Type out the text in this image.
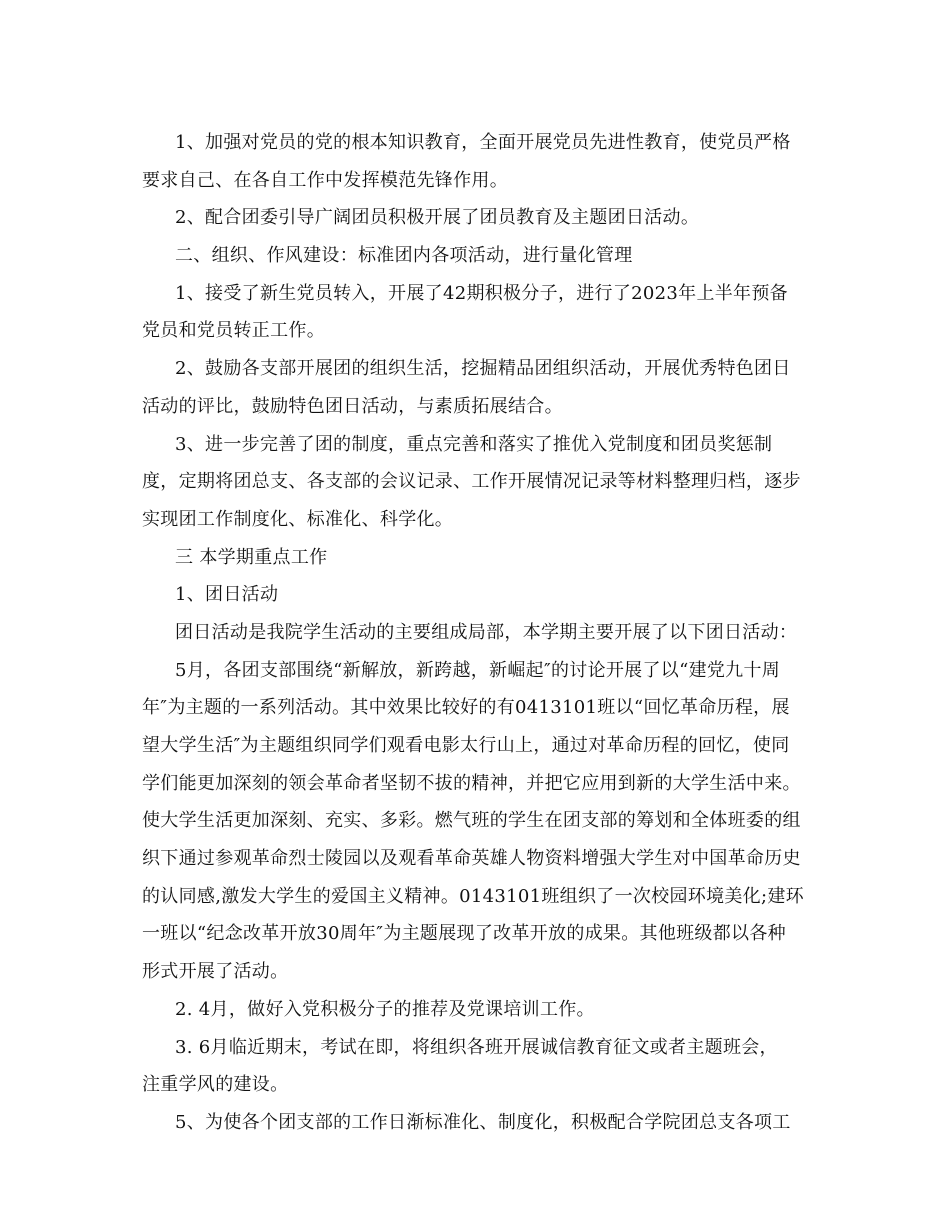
1、加强对党员的党的根本知识教育，全面开展党员先进性教育，使党员严格
要求自己、在各自工作中发挥模范先锋作用。
2、配合团委引导广阔团员积极开展了团员教育及主题团日活动。
二、组织、作风建设：标准团内各项活动，进行量化管理
1、接受了新生党员转入，开展了42期积极分子，进行了2023年上半年预备
党员和党员转正工作。
2、鼓励各支部开展团的组织生活，挖掘精品团组织活动，开展优秀特色团日
活动的评比，鼓励特色团日活动，与素质拓展结合。
3、进一步完善了团的制度，重点完善和落实了推优入党制度和团员奖惩制
度，定期将团总支、各支部的会议记录、工作开展情况记录等材料整理归档，逐步
实现团工作制度化、标准化、科学化。
三 本学期重点工作
1、团日活动
团日活动是我院学生活动的主要组成局部，本学期主要开展了以下团日活动：
5月，各团支部围绕“新解放，新跨越，新崛起″的讨论开展了以“建党九十周
年″为主题的一系列活动。其中效果比较好的有0413101班以“回忆革命历程，展
望大学生活″为主题组织同学们观看电影太行山上，通过对革命历程的回忆，使同
学们能更加深刻的领会革命者坚韧不拔的精神，并把它应用到新的大学生活中来。
使大学生活更加深刻、充实、多彩。燃气班的学生在团支部的筹划和全体班委的组
织下通过参观革命烈士陵园以及观看革命英雄人物资料增强大学生对中国革命历史
的认同感,激发大学生的爱国主义精神。0143101班组织了一次校园环境美化;建环
一班以“纪念改革开放30周年″为主题展现了改革开放的成果。其他班级都以各种
形式开展了活动。
2. 4月，做好入党积极分子的推荐及党课培训工作。
3. 6月临近期末，考试在即，将组织各班开展诚信教育征文或者主题班会，
注重学风的建设。
5、为使各个团支部的工作日渐标准化、制度化，积极配合学院团总支各项工
